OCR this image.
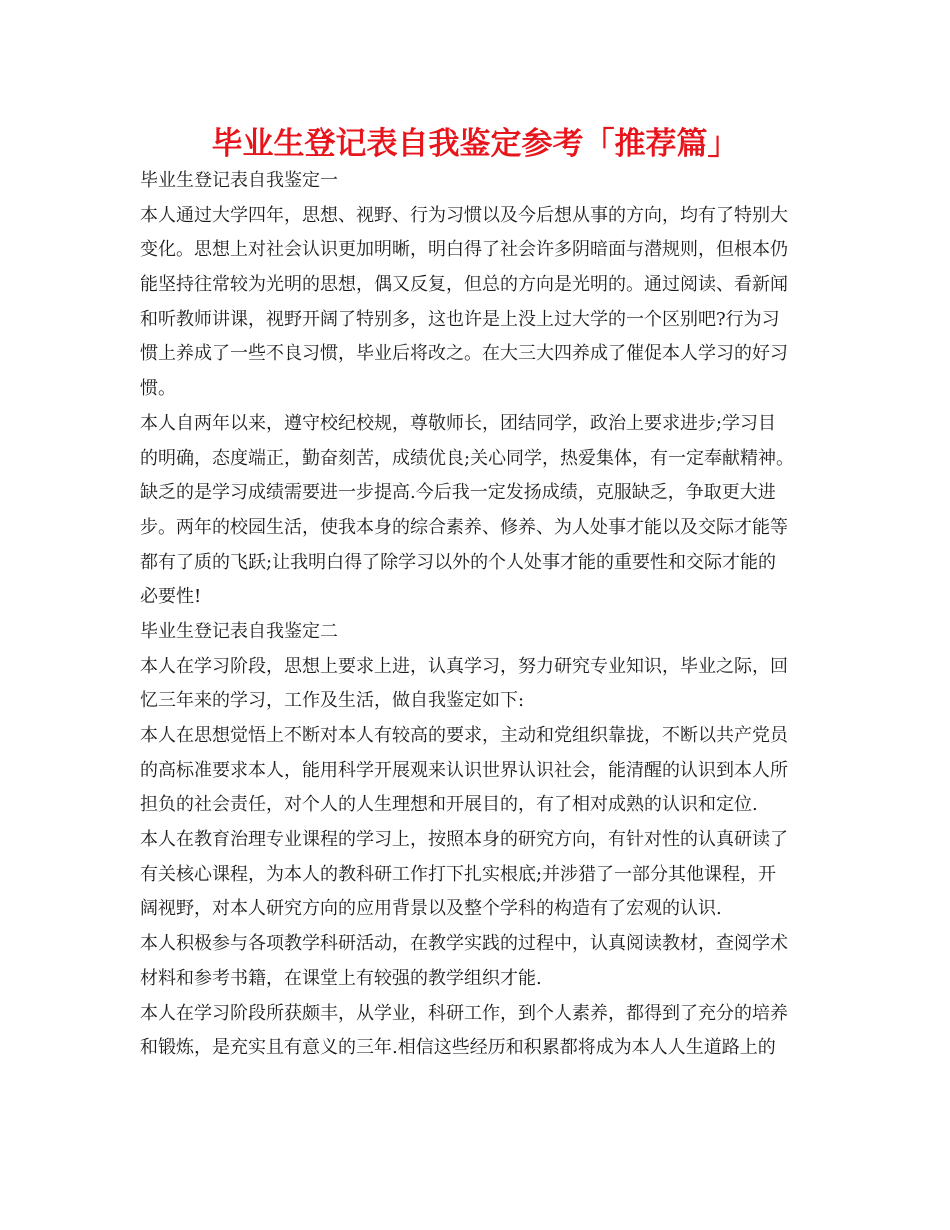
毕业生登记表自我鉴定参考「推荐篇」
毕业生登记表自我鉴定一
本人通过大学四年，思想、视野、行为习惯以及今后想从事的方向，均有了特别大
变化。思想上对社会认识更加明晰，明白得了社会许多阴暗面与潜规则，但根本仍
能坚持往常较为光明的思想，偶又反复，但总的方向是光明的。通过阅读、看新闻
和听教师讲课，视野开阔了特别多，这也许是上没上过大学的一个区别吧?行为习
惯上养成了一些不良习惯，毕业后将改之。在大三大四养成了催促本人学习的好习
惯。
本人自两年以来，遵守校纪校规，尊敬师长，团结同学，政治上要求进步;学习目
的明确，态度端正，勤奋刻苦，成绩优良;关心同学，热爱集体，有一定奉献精神。
缺乏的是学习成绩需要进一步提高.今后我一定发扬成绩，克服缺乏，争取更大进
步。两年的校园生活，使我本身的综合素养、修养、为人处事才能以及交际才能等
都有了质的飞跃;让我明白得了除学习以外的个人处事才能的重要性和交际才能的
必要性!
毕业生登记表自我鉴定二
本人在学习阶段，思想上要求上进，认真学习，努力研究专业知识，毕业之际，回
忆三年来的学习，工作及生活，做自我鉴定如下:
本人在思想觉悟上不断对本人有较高的要求，主动和党组织靠拢，不断以共产党员
的高标准要求本人，能用科学开展观来认识世界认识社会，能清醒的认识到本人所
担负的社会责任，对个人的人生理想和开展目的，有了相对成熟的认识和定位.
本人在教育治理专业课程的学习上，按照本身的研究方向，有针对性的认真研读了
有关核心课程，为本人的教科研工作打下扎实根底;并涉猎了一部分其他课程，开
阔视野，对本人研究方向的应用背景以及整个学科的构造有了宏观的认识.
本人积极参与各项教学科研活动，在教学实践的过程中，认真阅读教材，查阅学术
材料和参考书籍，在课堂上有较强的教学组织才能.
本人在学习阶段所获颇丰，从学业，科研工作，到个人素养，都得到了充分的培养
和锻炼，是充实且有意义的三年.相信这些经历和积累都将成为本人人生道路上的
